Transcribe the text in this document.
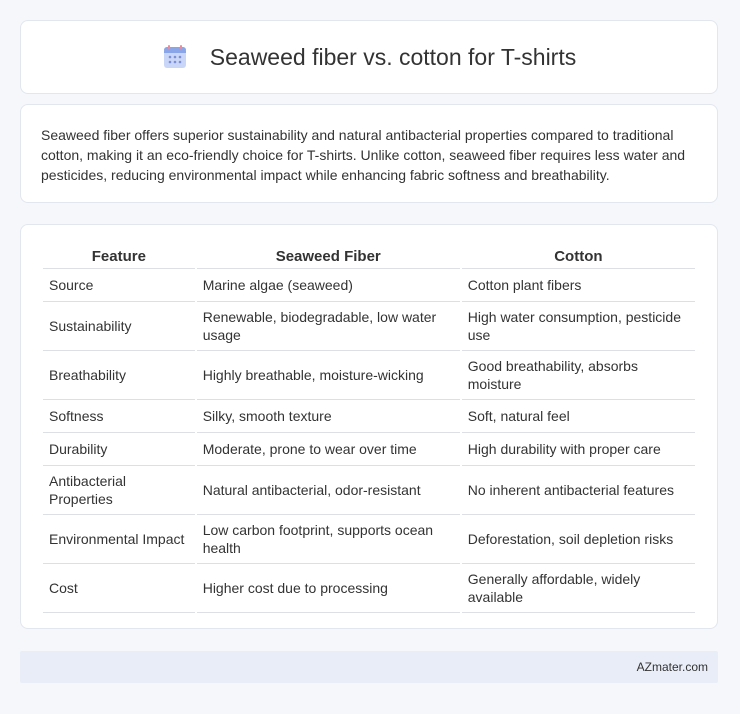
Seaweed fiber vs. cotton for T-shirts

Seaweed fiber offers superior sustainability and natural antibacterial properties compared to traditional cotton, making it an eco-friendly choice for T-shirts. Unlike cotton, seaweed fiber requires less water and pesticides, reducing environmental impact while enhancing fabric softness and breathability.

Feature	Seaweed Fiber	Cotton
Source	Marine algae (seaweed)	Cotton plant fibers
Sustainability	Renewable, biodegradable, low water usage	High water consumption, pesticide use
Breathability	Highly breathable, moisture-wicking	Good breathability, absorbs moisture
Softness	Silky, smooth texture	Soft, natural feel
Durability	Moderate, prone to wear over time	High durability with proper care
Antibacterial Properties	Natural antibacterial, odor-resistant	No inherent antibacterial features
Environmental Impact	Low carbon footprint, supports ocean health	Deforestation, soil depletion risks
Cost	Higher cost due to processing	Generally affordable, widely available
AZmater.com
